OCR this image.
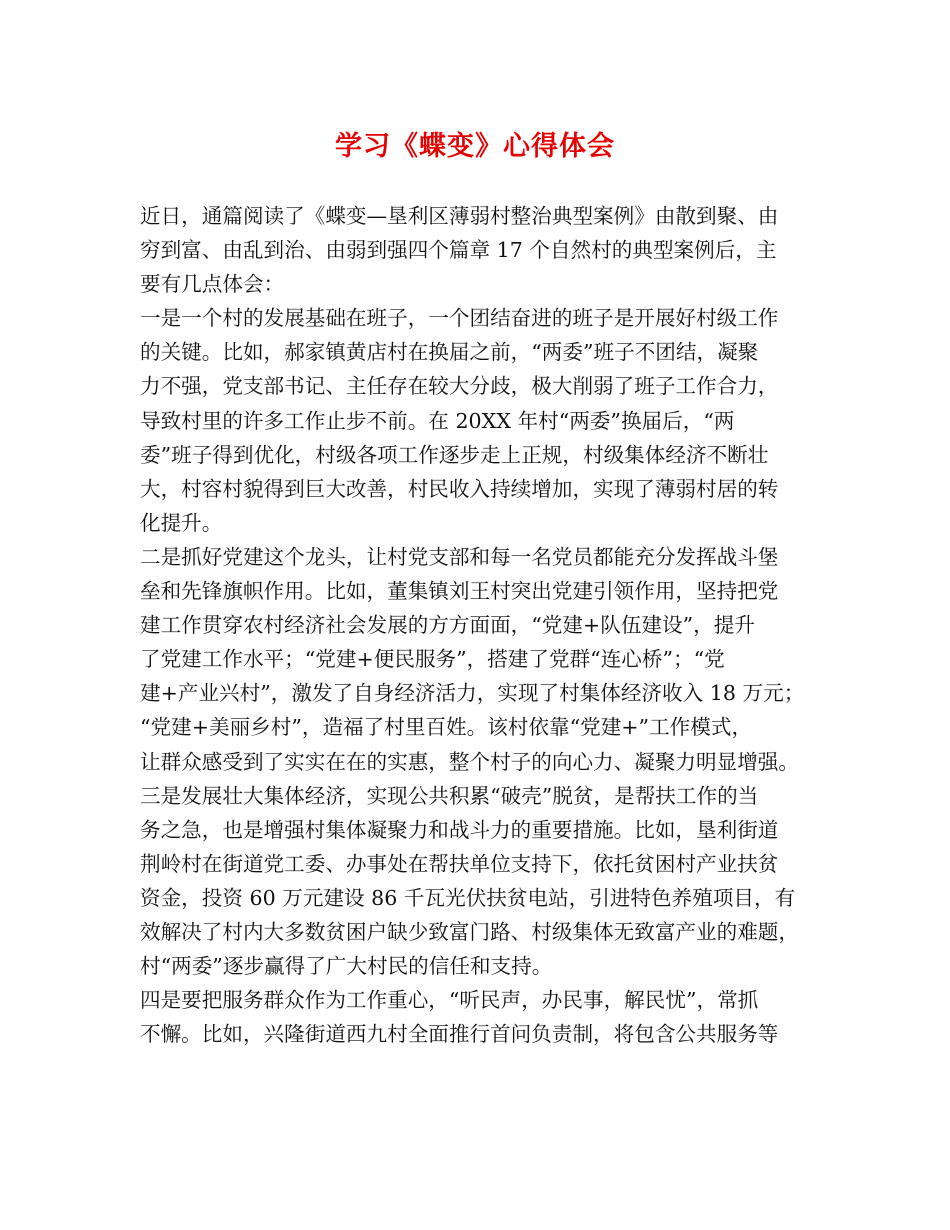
学习《蝶变》心得体会
近日，通篇阅读了《蝶变—垦利区薄弱村整治典型案例》由散到聚、由
穷到富、由乱到治、由弱到强四个篇章 17 个自然村的典型案例后，主
要有几点体会：
一是一个村的发展基础在班子，一个团结奋进的班子是开展好村级工作
的关键。比如，郝家镇黄店村在换届之前，“两委”班子不团结，凝聚
力不强，党支部书记、主任存在较大分歧，极大削弱了班子工作合力，
导致村里的许多工作止步不前。在 20XX 年村“两委”换届后，“两
委”班子得到优化，村级各项工作逐步走上正规，村级集体经济不断壮
大，村容村貌得到巨大改善，村民收入持续增加，实现了薄弱村居的转
化提升。
二是抓好党建这个龙头，让村党支部和每一名党员都能充分发挥战斗堡
垒和先锋旗帜作用。比如，董集镇刘王村突出党建引领作用，坚持把党
建工作贯穿农村经济社会发展的方方面面，“党建+队伍建设”，提升
了党建工作水平；“党建+便民服务”，搭建了党群“连心桥”；“党
建+产业兴村”，激发了自身经济活力，实现了村集体经济收入 18 万元；
“党建+美丽乡村”，造福了村里百姓。该村依靠“党建+”工作模式，
让群众感受到了实实在在的实惠，整个村子的向心力、凝聚力明显增强。
三是发展壮大集体经济，实现公共积累“破壳”脱贫，是帮扶工作的当
务之急，也是增强村集体凝聚力和战斗力的重要措施。比如，垦利街道
荆岭村在街道党工委、办事处在帮扶单位支持下，依托贫困村产业扶贫
资金，投资 60 万元建设 86 千瓦光伏扶贫电站，引进特色养殖项目，有
效解决了村内大多数贫困户缺少致富门路、村级集体无致富产业的难题，
村“两委”逐步赢得了广大村民的信任和支持。
四是要把服务群众作为工作重心，“听民声，办民事，解民忧”，常抓
不懈。比如，兴隆街道西九村全面推行首问负责制，将包含公共服务等
